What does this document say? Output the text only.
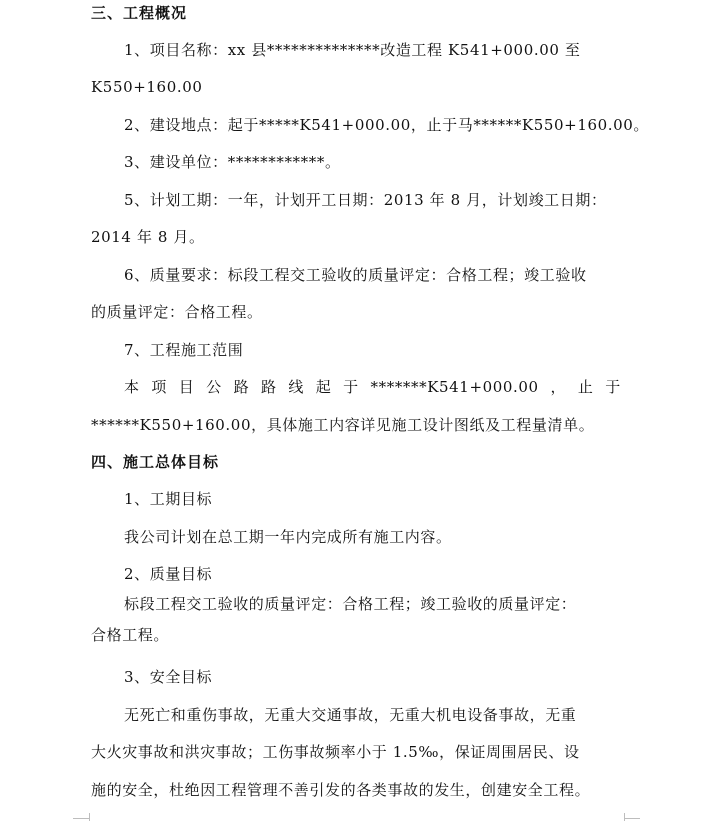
三、工程概况
1、项目名称：xx 县**************改造工程 K541+000.00 至
K550+160.00
2、建设地点：起于*****K541+000.00，止于马******K550+160.00。
3、建设单位：************。
5、计划工期：一年，计划开工日期：2013 年 8 月，计划竣工日期：
2014 年 8 月。
6、质量要求：标段工程交工验收的质量评定：合格工程；竣工验收
的质量评定：合格工程。
7、工程施工范围
本 项 目 公 路 路 线 起 于 *******K541+000.00 ， 止 于
******K550+160.00，具体施工内容详见施工设计图纸及工程量清单。
四、施工总体目标
1、工期目标
我公司计划在总工期一年内完成所有施工内容。
2、质量目标
标段工程交工验收的质量评定：合格工程；竣工验收的质量评定：
合格工程。
3、安全目标
无死亡和重伤事故，无重大交通事故，无重大机电设备事故，无重
大火灾事故和洪灾事故；工伤事故频率小于 1.5‰，保证周围居民、设
施的安全，杜绝因工程管理不善引发的各类事故的发生，创建安全工程。
